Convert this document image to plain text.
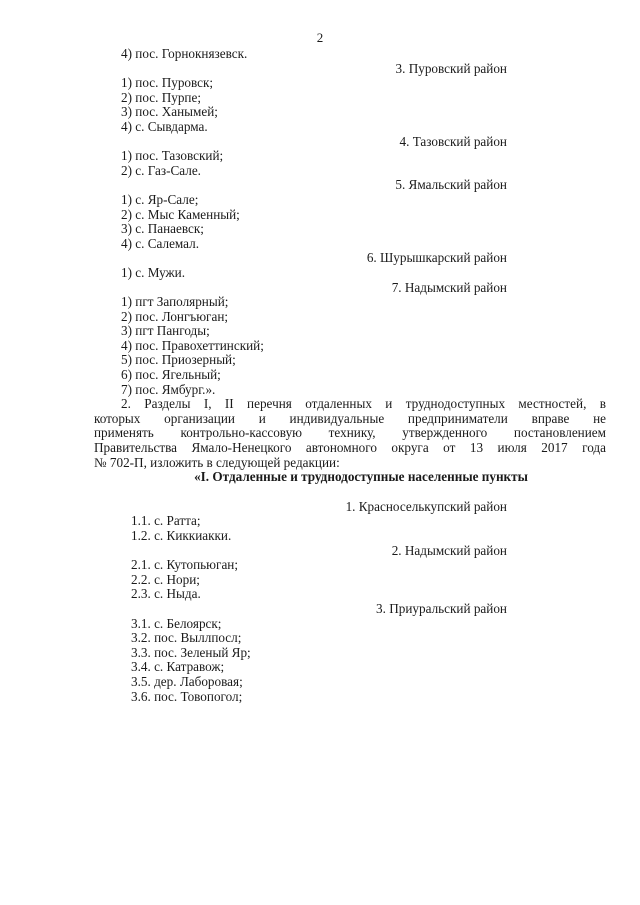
2
4) пос. Горнокнязевск.
3. Пуровский район
1) пос. Пуровск;
2) пос. Пурпе;
3) пос. Ханымей;
4) с. Сывдарма.
4. Тазовский район
1) пос. Тазовский;
2) с. Газ-Сале.
5. Ямальский район
1) с. Яр-Сале;
2) с. Мыс Каменный;
3) с. Панаевск;
4) с. Салемал.
6. Шурышкарский район
1) с. Мужи.
7. Надымский район
1) пгт Заполярный;
2) пос. Лонгъюган;
3) пгт Пангоды;
4) пос. Правохеттинский;
5) пос. Приозерный;
6) пос. Ягельный;
7) пос. Ямбург.».
2. Разделы I, II перечня отдаленных и труднодоступных местностей, в
которых организации и индивидуальные предприниматели вправе не
применять контрольно-кассовую технику, утвержденного постановлением
Правительства Ямало-Ненецкого автономного округа от 13 июля 2017 года
№ 702-П, изложить в следующей редакции:
«I. Отдаленные и труднодоступные населенные пункты
1. Красноселькупский район
1.1. с. Ратта;
1.2. с. Киккиакки.
2. Надымский район
2.1. с. Кутопьюган;
2.2. с. Нори;
2.3. с. Ныда.
3. Приуральский район
3.1. с. Белоярск;
3.2. пос. Выллпосл;
3.3. пос. Зеленый Яр;
3.4. с. Катравож;
3.5. дер. Лаборовая;
3.6. пос. Товопогол;
